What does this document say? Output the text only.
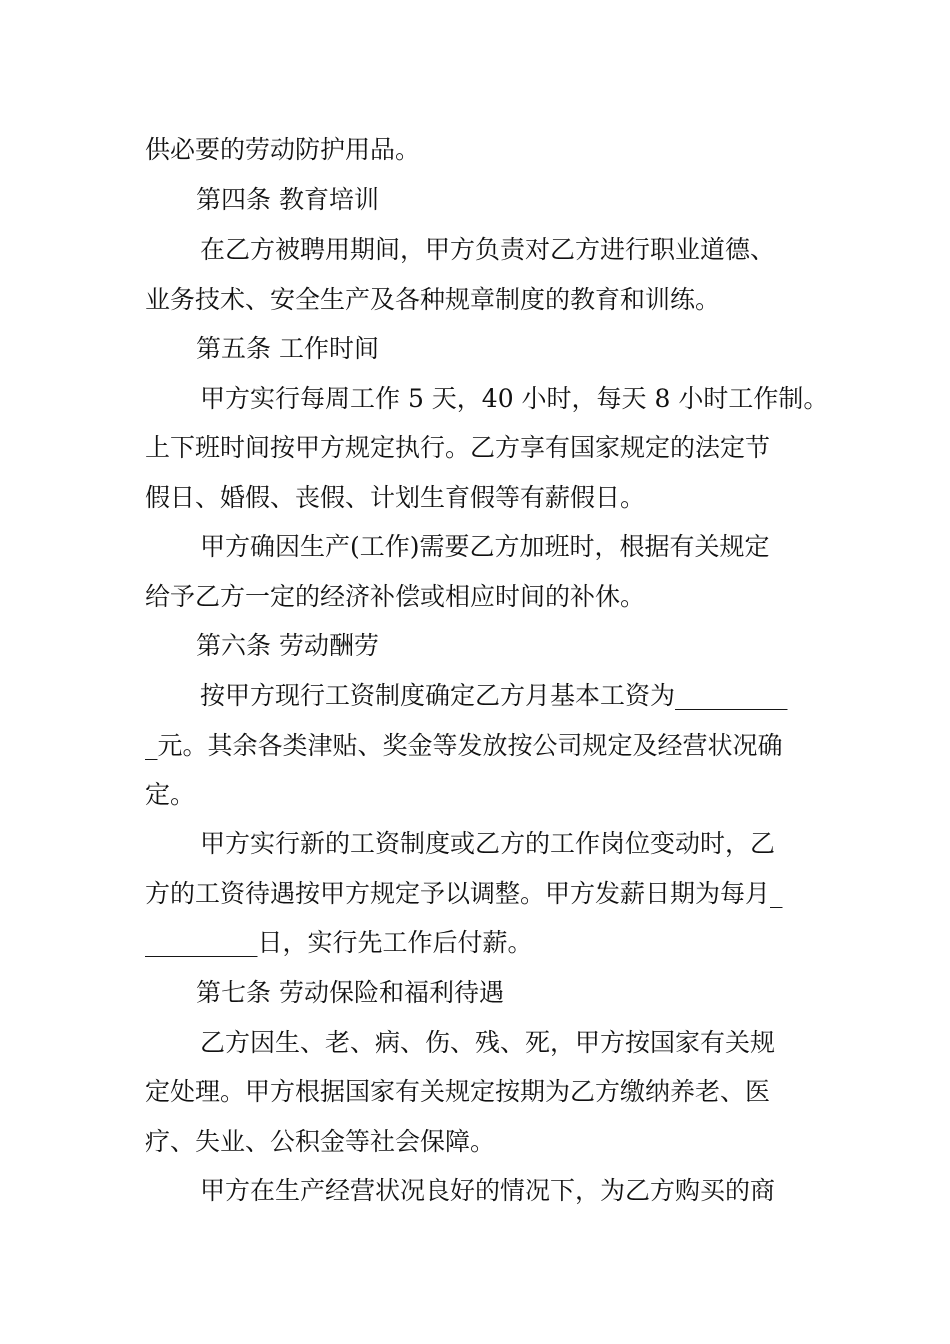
供必要的劳动防护用品。
第四条 教育培训
在乙方被聘用期间，甲方负责对乙方进行职业道德、
业务技术、安全生产及各种规章制度的教育和训练。
第五条 工作时间
甲方实行每周工作 5 天，40 小时，每天 8 小时工作制。
上下班时间按甲方规定执行。乙方享有国家规定的法定节
假日、婚假、丧假、计划生育假等有薪假日。
甲方确因生产(工作)需要乙方加班时，根据有关规定
给予乙方一定的经济补偿或相应时间的补休。
第六条 劳动酬劳
按甲方现行工资制度确定乙方月基本工资为_________
_元。其余各类津贴、奖金等发放按公司规定及经营状况确
定。
甲方实行新的工资制度或乙方的工作岗位变动时，乙
方的工资待遇按甲方规定予以调整。甲方发薪日期为每月_
_________日，实行先工作后付薪。
第七条 劳动保险和福利待遇
乙方因生、老、病、伤、残、死，甲方按国家有关规
定处理。甲方根据国家有关规定按期为乙方缴纳养老、医
疗、失业、公积金等社会保障。
甲方在生产经营状况良好的情况下，为乙方购买的商
